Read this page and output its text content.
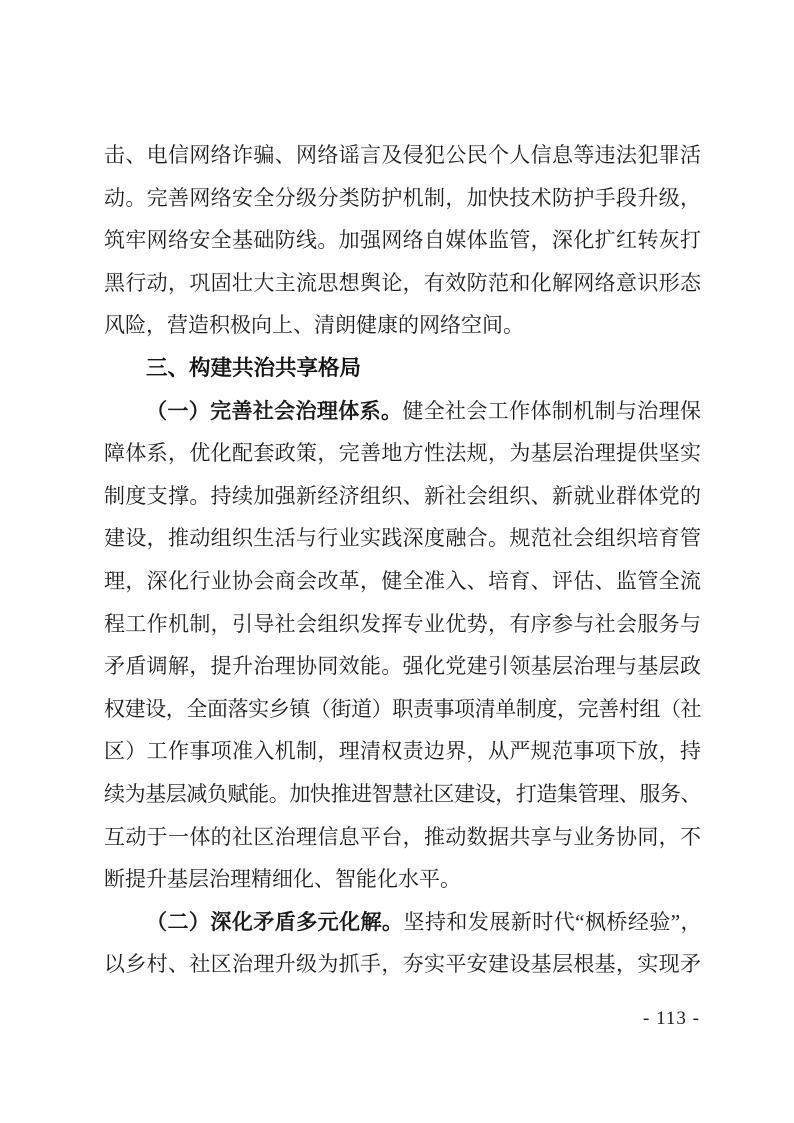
击、电信网络诈骗、网络谣言及侵犯公民个人信息等违法犯罪活
动。完善网络安全分级分类防护机制，加快技术防护手段升级，
筑牢网络安全基础防线。加强网络自媒体监管，深化扩红转灰打
黑行动，巩固壮大主流思想舆论，有效防范和化解网络意识形态
风险，营造积极向上、清朗健康的网络空间。
三、构建共治共享格局
（一）完善社会治理体系。健全社会工作体制机制与治理保
障体系，优化配套政策，完善地方性法规，为基层治理提供坚实
制度支撑。持续加强新经济组织、新社会组织、新就业群体党的
建设，推动组织生活与行业实践深度融合。规范社会组织培育管
理，深化行业协会商会改革，健全准入、培育、评估、监管全流
程工作机制，引导社会组织发挥专业优势，有序参与社会服务与
矛盾调解，提升治理协同效能。强化党建引领基层治理与基层政
权建设，全面落实乡镇（街道）职责事项清单制度，完善村组（社
区）工作事项准入机制，理清权责边界，从严规范事项下放，持
续为基层减负赋能。加快推进智慧社区建设，打造集管理、服务、
互动于一体的社区治理信息平台，推动数据共享与业务协同，不
断提升基层治理精细化、智能化水平。
（二）深化矛盾多元化解。坚持和发展新时代“枫桥经验”，
以乡村、社区治理升级为抓手，夯实平安建设基层根基，实现矛
- 113 -
